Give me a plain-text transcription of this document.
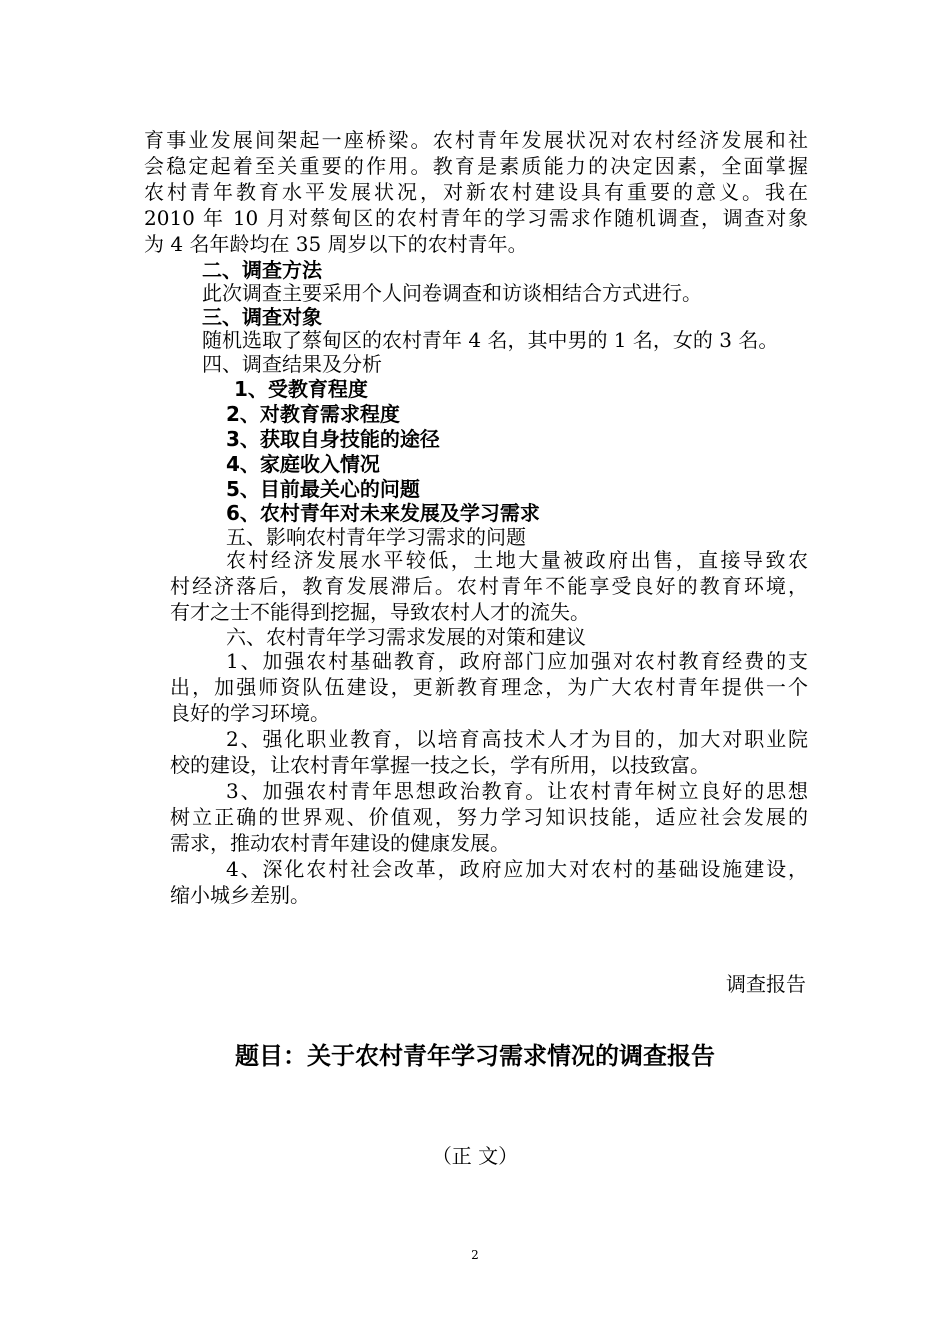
育事业发展间架起一座桥梁。农村青年发展状况对农村经济发展和社
会稳定起着至关重要的作用。教育是素质能力的决定因素，全面掌握
农村青年教育水平发展状况，对新农村建设具有重要的意义。我在
2010 年 10 月对蔡甸区的农村青年的学习需求作随机调查，调查对象
为 4 名年龄均在 35 周岁以下的农村青年。
二、调查方法
此次调查主要采用个人问卷调查和访谈相结合方式进行。
三、调查对象
随机选取了蔡甸区的农村青年 4 名，其中男的 1 名，女的 3 名。
四、调查结果及分析
1、受教育程度
2、对教育需求程度
3、获取自身技能的途径
4、家庭收入情况
5、目前最关心的问题
6、农村青年对未来发展及学习需求
五、影响农村青年学习需求的问题
农村经济发展水平较低，土地大量被政府出售，直接导致农
村经济落后，教育发展滞后。农村青年不能享受良好的教育环境，
有才之士不能得到挖掘，导致农村人才的流失。
六、农村青年学习需求发展的对策和建议
1、加强农村基础教育，政府部门应加强对农村教育经费的支
出，加强师资队伍建设，更新教育理念，为广大农村青年提供一个
良好的学习环境。
2、强化职业教育，以培育高技术人才为目的，加大对职业院
校的建设，让农村青年掌握一技之长，学有所用，以技致富。
3、加强农村青年思想政治教育。让农村青年树立良好的思想
树立正确的世界观、价值观，努力学习知识技能，适应社会发展的
需求，推动农村青年建设的健康发展。
4、深化农村社会改革，政府应加大对农村的基础设施建设，
缩小城乡差别。
调查报告
题目：关于农村青年学习需求情况的调查报告
（正 文）
2
